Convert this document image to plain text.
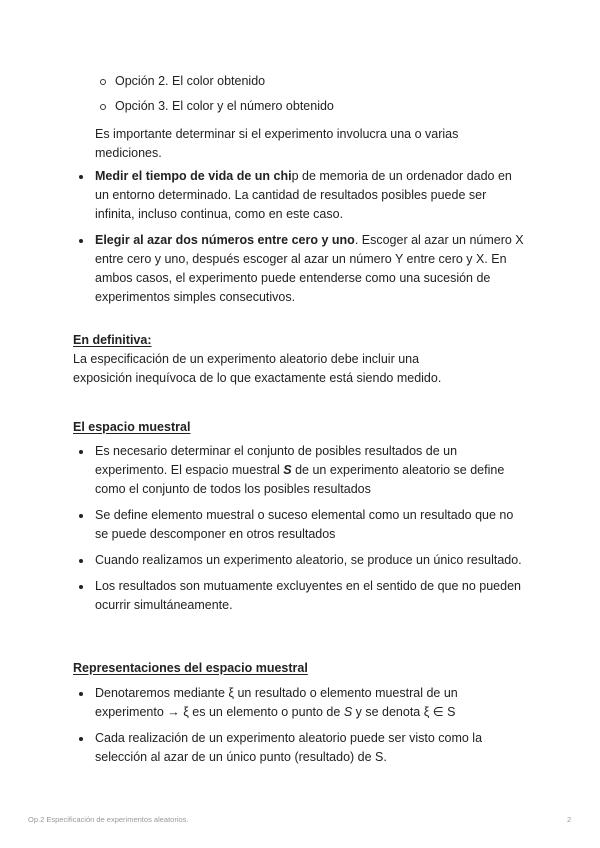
Opción 2. El color obtenido
Opción 3. El color y el número obtenido

Es importante determinar si el experimento involucra una o varias mediciones.

Medir el tiempo de vida de un chip de memoria de un ordenador dado en un entorno determinado. La cantidad de resultados posibles puede ser infinita, incluso continua, como en este caso.
Elegir al azar dos números entre cero y uno. Escoger al azar un número X entre cero y uno, después escoger al azar un número Y entre cero y X. En ambos casos, el experimento puede entenderse como una sucesión de experimentos simples consecutivos.
En definitiva:

La especificación de un experimento aleatorio debe incluir una exposición inequívoca de lo que exactamente está siendo medido.

El espacio muestral
Es necesario determinar el conjunto de posibles resultados de un experimento. El espacio muestral S de un experimento aleatorio se define como el conjunto de todos los posibles resultados
Se define elemento muestral o suceso elemental como un resultado que no se puede descomponer en otros resultados
Cuando realizamos un experimento aleatorio, se produce un único resultado.
Los resultados son mutuamente excluyentes en el sentido de que no pueden ocurrir simultáneamente.
Representaciones del espacio muestral
Denotaremos mediante ξ un resultado o elemento muestral de un experimento → ξ es un elemento o punto de S y se denota ξ ∈ S
Cada realización de un experimento aleatorio puede ser visto como la selección al azar de un único punto (resultado) de S.
Op.2 Especificación de experimentos aleatorios.	2
